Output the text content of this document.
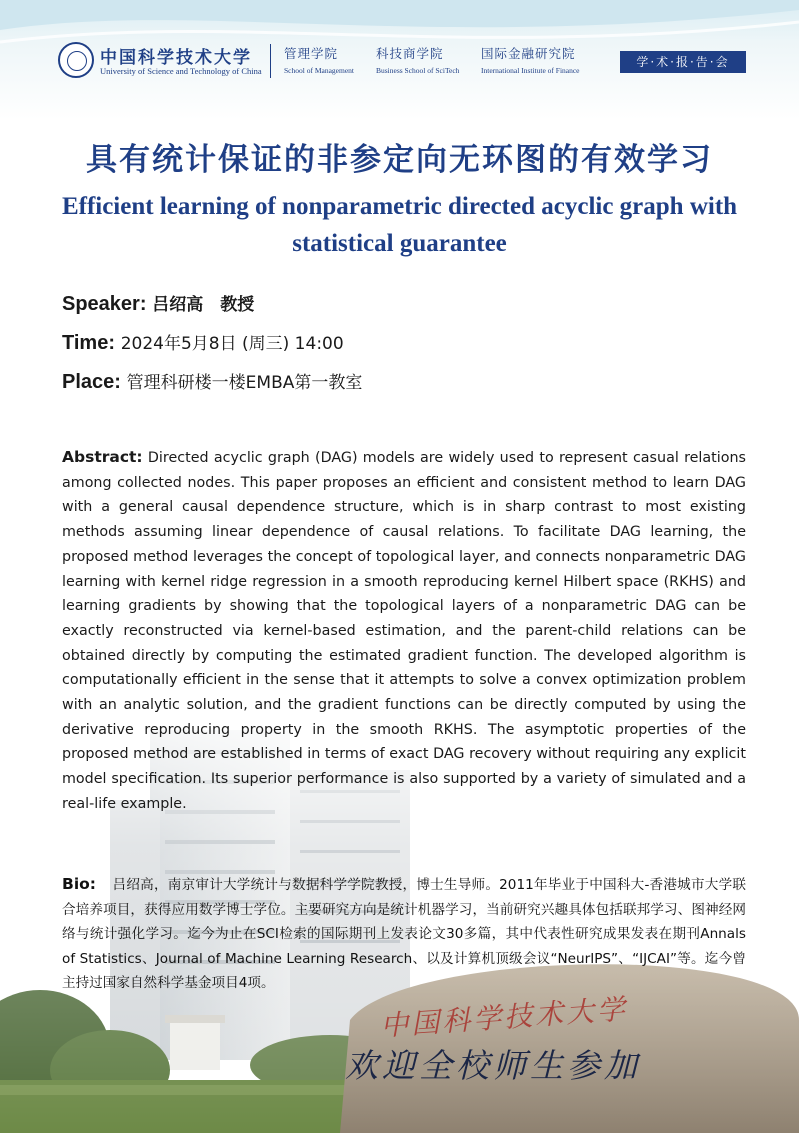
中国科学技术大学
University of Science and Technology of China
管理学院
School of Management
科技商学院
Business School of SciTech
国际金融研究院
International Institute of Finance
学·术·报·告·会
具有统计保证的非参定向无环图的有效学习
Efficient learning of nonparametric directed acyclic graph with statistical guarantee
Speaker: 吕绍高　教授
Time: 2024年5月8日 (周三) 14:00
Place: 管理科研楼一楼EMBA第一教室
Abstract: Directed acyclic graph (DAG) models are widely used to represent casual relations among collected nodes. This paper proposes an efficient and consistent method to learn DAG with a general causal dependence structure, which is in sharp contrast to most existing methods assuming linear dependence of causal relations. To facilitate DAG learning, the proposed method leverages the concept of topological layer, and connects nonparametric DAG learning with kernel ridge regression in a smooth reproducing kernel Hilbert space (RKHS) and learning gradients by showing that the topological layers of a nonparametric DAG can be exactly reconstructed via kernel-based estimation, and the parent-child relations can be obtained directly by computing the estimated gradient function. The developed algorithm is computationally efficient in the sense that it attempts to solve a convex optimization problem with an analytic solution, and the gradient functions can be directly computed by using the derivative reproducing property in the smooth RKHS. The asymptotic properties of the proposed method are established in terms of exact DAG recovery without requiring any explicit model specification. Its superior performance is also supported by a variety of simulated and a real-life example.
Bio: 吕绍高，南京审计大学统计与数据科学学院教授，博士生导师。2011年毕业于中国科大-香港城市大学联合培养项目，获得应用数学博士学位。主要研究方向是统计机器学习，当前研究兴趣具体包括联邦学习、图神经网络与统计强化学习。迄今为止在SCI检索的国际期刊上发表论文30多篇，其中代表性研究成果发表在期刊Annals of Statistics、Journal of Machine Learning Research、以及计算机顶级会议“NeurIPS”、“IJCAI”等。迄今曾主持过国家自然科学基金项目4项。
中国科学技术大学
欢迎全校师生参加
